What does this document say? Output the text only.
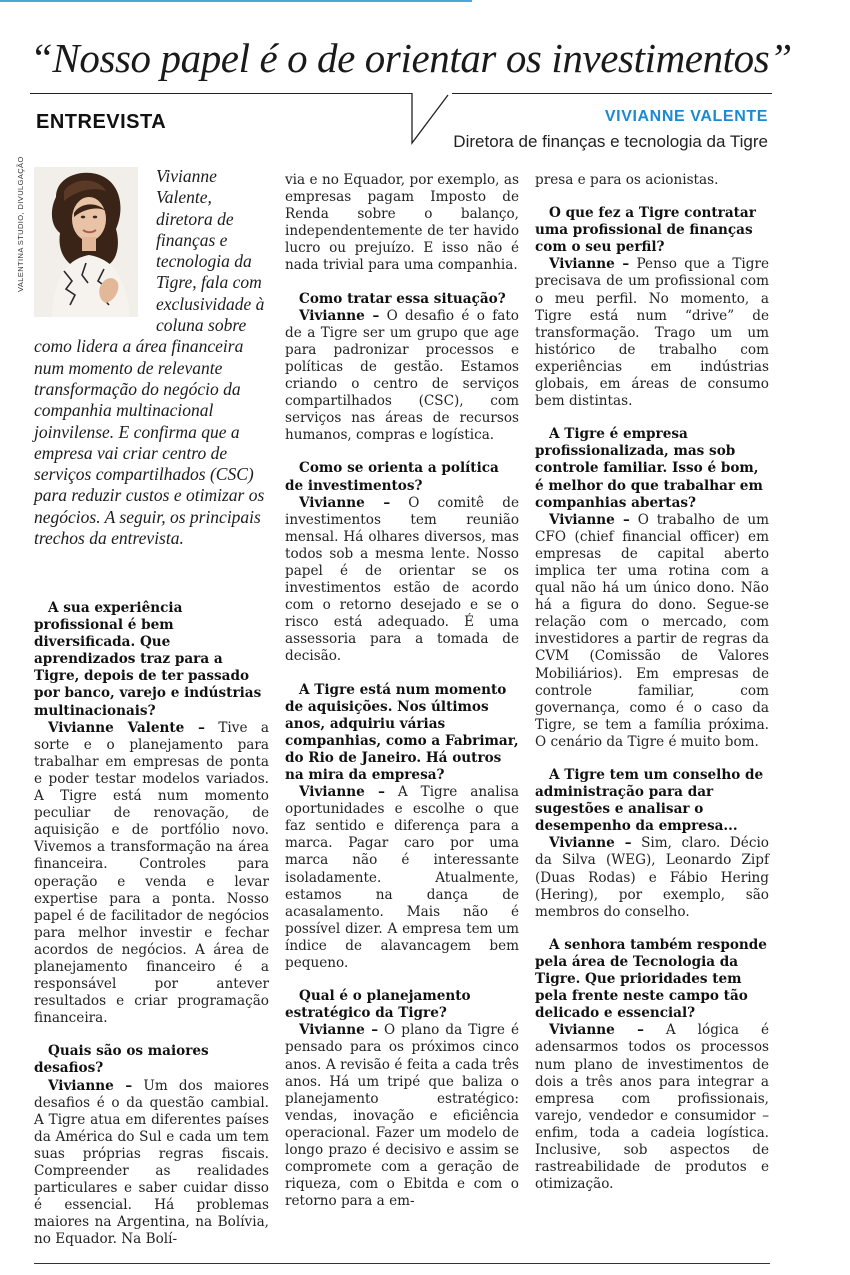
“Nosso papel é o de orientar os investimentos”
ENTREVISTA	VIVIANNE VALENTE
Diretora de finanças e tecnologia da Tigre
VALENTINA STUDIO, DIVULGAÇÃO	Vivianne Valente, diretora de finanças e tecnologia da Tigre, fala com exclusividade à coluna sobre como lidera a área financeira num momento de relevante transformação do negócio da companhia multinacional joinvilense. E confirma que a empresa vai criar centro de serviços compartilhados (CSC) para reduzir custos e otimizar os negócios. A seguir, os principais trechos da entrevista.

A sua experiência profissional é bem diversificada. Que aprendizados traz para a Tigre, depois de ter passado por banco, varejo e indústrias multinacionais?

Vivianne Valente – Tive a sorte e o planejamento para trabalhar em empresas de ponta e poder testar modelos variados. A Tigre está num momento peculiar de renovação, de aquisição e de portfólio novo. Vivemos a transformação na área financeira. Controles para operação e venda e levar expertise para a ponta. Nosso papel é de facilitador de negócios para melhor investir e fechar acordos de negócios. A área de planejamento financeiro é a responsável por antever resultados e criar programação financeira.

Quais são os maiores desafios?

Vivianne – Um dos maiores desafios é o da questão cambial. A Tigre atua em diferentes países da América do Sul e cada um tem suas próprias regras fiscais. Compreender as realidades particulares e saber cuidar disso é essencial. Há problemas maiores na Argentina, na Bolívia, no Equador. Na Bolí-

via e no Equador, por exemplo, as empresas pagam Imposto de Renda sobre o balanço, independentemente de ter havido lucro ou prejuízo. E isso não é nada trivial para uma companhia.

Como tratar essa situação?

Vivianne – O desafio é o fato de a Tigre ser um grupo que age para padronizar processos e políticas de gestão. Estamos criando o centro de serviços compartilhados (CSC), com serviços nas áreas de recursos humanos, compras e logística.

Como se orienta a política de investimentos?

Vivianne – O comitê de investimentos tem reunião mensal. Há olhares diversos, mas todos sob a mesma lente. Nosso papel é de orientar se os investimentos estão de acordo com o retorno desejado e se o risco está adequado. É uma assessoria para a tomada de decisão.

A Tigre está num momento de aquisições. Nos últimos anos, adquiriu várias companhias, como a Fabrimar, do Rio de Janeiro. Há outros na mira da empresa?

Vivianne – A Tigre analisa oportunidades e escolhe o que faz sentido e diferença para a marca. Pagar caro por uma marca não é interessante isoladamente. Atualmente, estamos na dança de acasalamento. Mais não é possível dizer. A empresa tem um índice de alavancagem bem pequeno.

Qual é o planejamento estratégico da Tigre?

Vivianne – O plano da Tigre é pensado para os próximos cinco anos. A revisão é feita a cada três anos. Há um tripé que baliza o planejamento estratégico: vendas, inovação e eficiência operacional. Fazer um modelo de longo prazo é decisivo e assim se compromete com a geração de riqueza, com o Ebitda e com o retorno para a em-

presa e para os acionistas.

O que fez a Tigre contratar uma profissional de finanças com o seu perfil?

Vivianne – Penso que a Tigre precisava de um profissional com o meu perfil. No momento, a Tigre está num “drive” de transformação. Trago um um histórico de trabalho com experiências em indústrias globais, em áreas de consumo bem distintas.

A Tigre é empresa profissionalizada, mas sob controle familiar. Isso é bom, é melhor do que trabalhar em companhias abertas?

Vivianne – O trabalho de um CFO (chief financial officer) em empresas de capital aberto implica ter uma rotina com a qual não há um único dono. Não há a figura do dono. Segue-se relação com o mercado, com investidores a partir de regras da CVM (Comissão de Valores Mobiliários). Em empresas de controle familiar, com governança, como é o caso da Tigre, se tem a família próxima. O cenário da Tigre é muito bom.

A Tigre tem um conselho de administração para dar sugestões e analisar o desempenho da empresa...

Vivianne – Sim, claro. Décio da Silva (WEG), Leonardo Zipf (Duas Rodas) e Fábio Hering (Hering), por exemplo, são membros do conselho.

A senhora também responde pela área de Tecnologia da Tigre. Que prioridades tem pela frente neste campo tão delicado e essencial?

Vivianne – A lógica é adensarmos todos os processos num plano de investimentos de dois a três anos para integrar a empresa com profissionais, varejo, vendedor e consumidor – enfim, toda a cadeia logística. Inclusive, sob aspectos de rastreabilidade de produtos e otimização.
